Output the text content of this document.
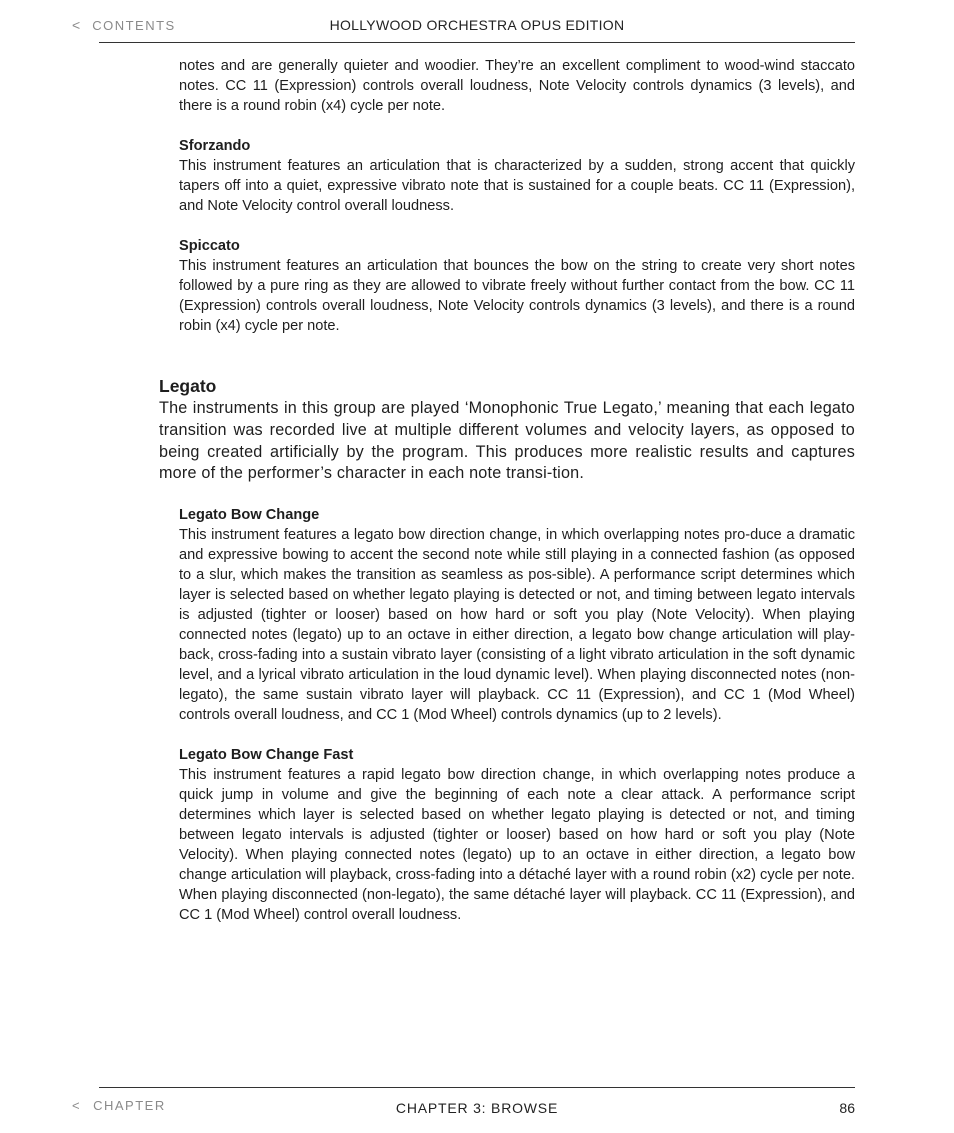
< CONTENTS	HOLLYWOOD ORCHESTRA OPUS EDITION

notes and are generally quieter and woodier. They’re an excellent compliment to wood-wind staccato notes. CC 11 (Expression) controls overall loudness, Note Velocity controls dynamics (3 levels), and there is a round robin (x4) cycle per note.

Sforzando

This instrument features an articulation that is characterized by a sudden, strong accent that quickly tapers off into a quiet, expressive vibrato note that is sustained for a couple beats. CC 11 (Expression), and Note Velocity control overall loudness.

Spiccato

This instrument features an articulation that bounces the bow on the string to create very short notes followed by a pure ring as they are allowed to vibrate freely without further contact from the bow. CC 11 (Expression) controls overall loudness, Note Velocity controls dynamics (3 levels), and there is a round robin (x4) cycle per note.

Legato

The instruments in this group are played ‘Monophonic True Legato,’ meaning that each legato transition was recorded live at multiple different volumes and velocity layers, as opposed to being created artificially by the program. This produces more realistic results and captures more of the performer’s character in each note transi-tion.

Legato Bow Change

This instrument features a legato bow direction change, in which overlapping notes pro-duce a dramatic and expressive bowing to accent the second note while still playing in a connected fashion (as opposed to a slur, which makes the transition as seamless as pos-sible). A performance script determines which layer is selected based on whether legato playing is detected or not, and timing between legato intervals is adjusted (tighter or looser) based on how hard or soft you play (Note Velocity). When playing connected notes (legato) up to an octave in either direction, a legato bow change articulation will play-back, cross-fading into a sustain vibrato layer (consisting of a light vibrato articulation in the soft dynamic level, and a lyrical vibrato articulation in the loud dynamic level). When playing disconnected notes (non-legato), the same sustain vibrato layer will playback. CC 11 (Expression), and CC 1 (Mod Wheel) controls overall loudness, and CC 1 (Mod Wheel) controls dynamics (up to 2 levels).

Legato Bow Change Fast

This instrument features a rapid legato bow direction change, in which overlapping notes produce a quick jump in volume and give the beginning of each note a clear attack. A performance script determines which layer is selected based on whether legato playing is detected or not, and timing between legato intervals is adjusted (tighter or looser) based on how hard or soft you play (Note Velocity). When playing connected notes (legato) up to an octave in either direction, a legato bow change articulation will playback, cross-fading into a détaché layer with a round robin (x2) cycle per note. When playing disconnected (non-legato), the same détaché layer will playback. CC 11 (Expression), and CC 1 (Mod Wheel) control overall loudness.

< CHAPTER	CHAPTER 3: BROWSE	86
